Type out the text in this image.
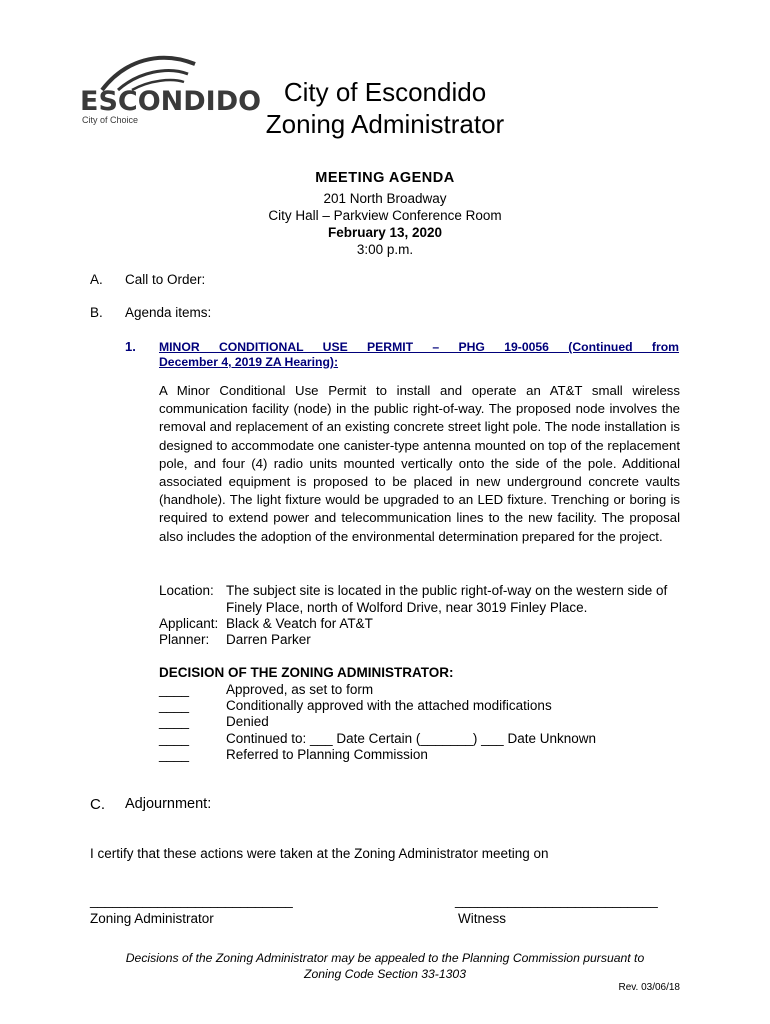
ESCONDIDO
City of Choice
City of Escondido
Zoning Administrator
MEETING AGENDA
201 North Broadway
City Hall – Parkview Conference Room
February 13, 2020
3:00 p.m.
A. Call to Order:
B. Agenda items:
1. MINOR CONDITIONAL USE PERMIT – PHG 19-0056 (Continued from
December 4, 2019 ZA Hearing):
A Minor Conditional Use Permit to install and operate an AT&T small wireless communication facility (node) in the public right-of-way. The proposed node involves the removal and replacement of an existing concrete street light pole. The node installation is designed to accommodate one canister-type antenna mounted on top of the replacement pole, and four (4) radio units mounted vertically onto the side of the pole. Additional associated equipment is proposed to be placed in new underground concrete vaults (handhole). The light fixture would be upgraded to an LED fixture. Trenching or boring is required to extend power and telecommunication lines to the new facility. The proposal also includes the adoption of the environmental determination prepared for the project.
Location: The subject site is located in the public right-of-way on the western side of
Finely Place, north of Wolford Drive, near 3019 Finley Place.
Applicant: Black & Veatch for AT&T
Planner: Darren Parker
DECISION OF THE ZONING ADMINISTRATOR:
____	Approved, as set to form
____	Conditionally approved with the attached modifications
____	Denied
____	Continued to: ___ Date Certain (_______) ___ Date Unknown
____	Referred to Planning Commission
C. Adjournment:
I certify that these actions were taken at the Zoning Administrator meeting on
___________________________
Zoning Administrator
___________________________
Witness
Decisions of the Zoning Administrator may be appealed to the Planning Commission pursuant to
Zoning Code Section 33-1303
Rev. 03/06/18
